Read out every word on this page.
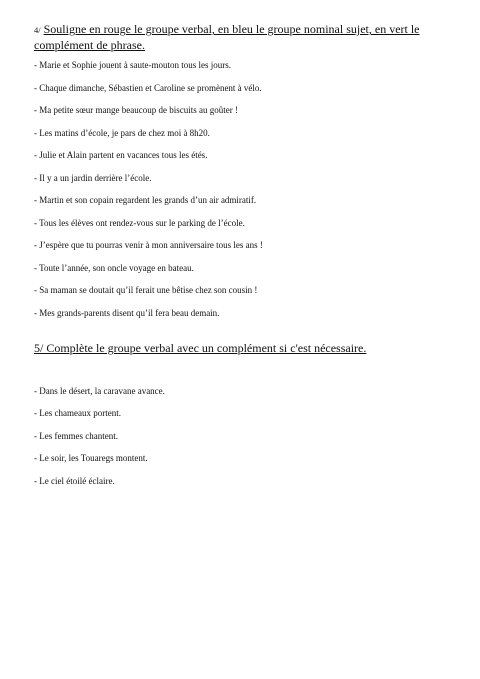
4/ Souligne en rouge le groupe verbal, en bleu le groupe nominal sujet, en vert le complément de phrase.
- Marie et Sophie jouent à saute-mouton tous les jours.
- Chaque dimanche, Sébastien et Caroline se promènent à vélo.
- Ma petite sœur mange beaucoup de biscuits au goûter !
- Les matins d’école, je pars de chez moi à 8h20.
- Julie et Alain partent en vacances tous les étés.
- Il y a un jardin derrière l’école.
- Martin et son copain regardent les grands d’un air admiratif.
- Tous les élèves ont rendez-vous sur le parking de l’école.
- J’espère que tu pourras venir à mon anniversaire tous les ans !
- Toute l’année, son oncle voyage en bateau.
- Sa maman se doutait qu’il ferait une bêtise chez son cousin !
- Mes grands-parents disent qu’il fera beau demain.
5/ Complète le groupe verbal avec un complément si c'est nécessaire.
- Dans le désert, la caravane avance.
- Les chameaux portent.
- Les femmes chantent.
- Le soir, les Touaregs montent.
- Le ciel étoilé éclaire.
